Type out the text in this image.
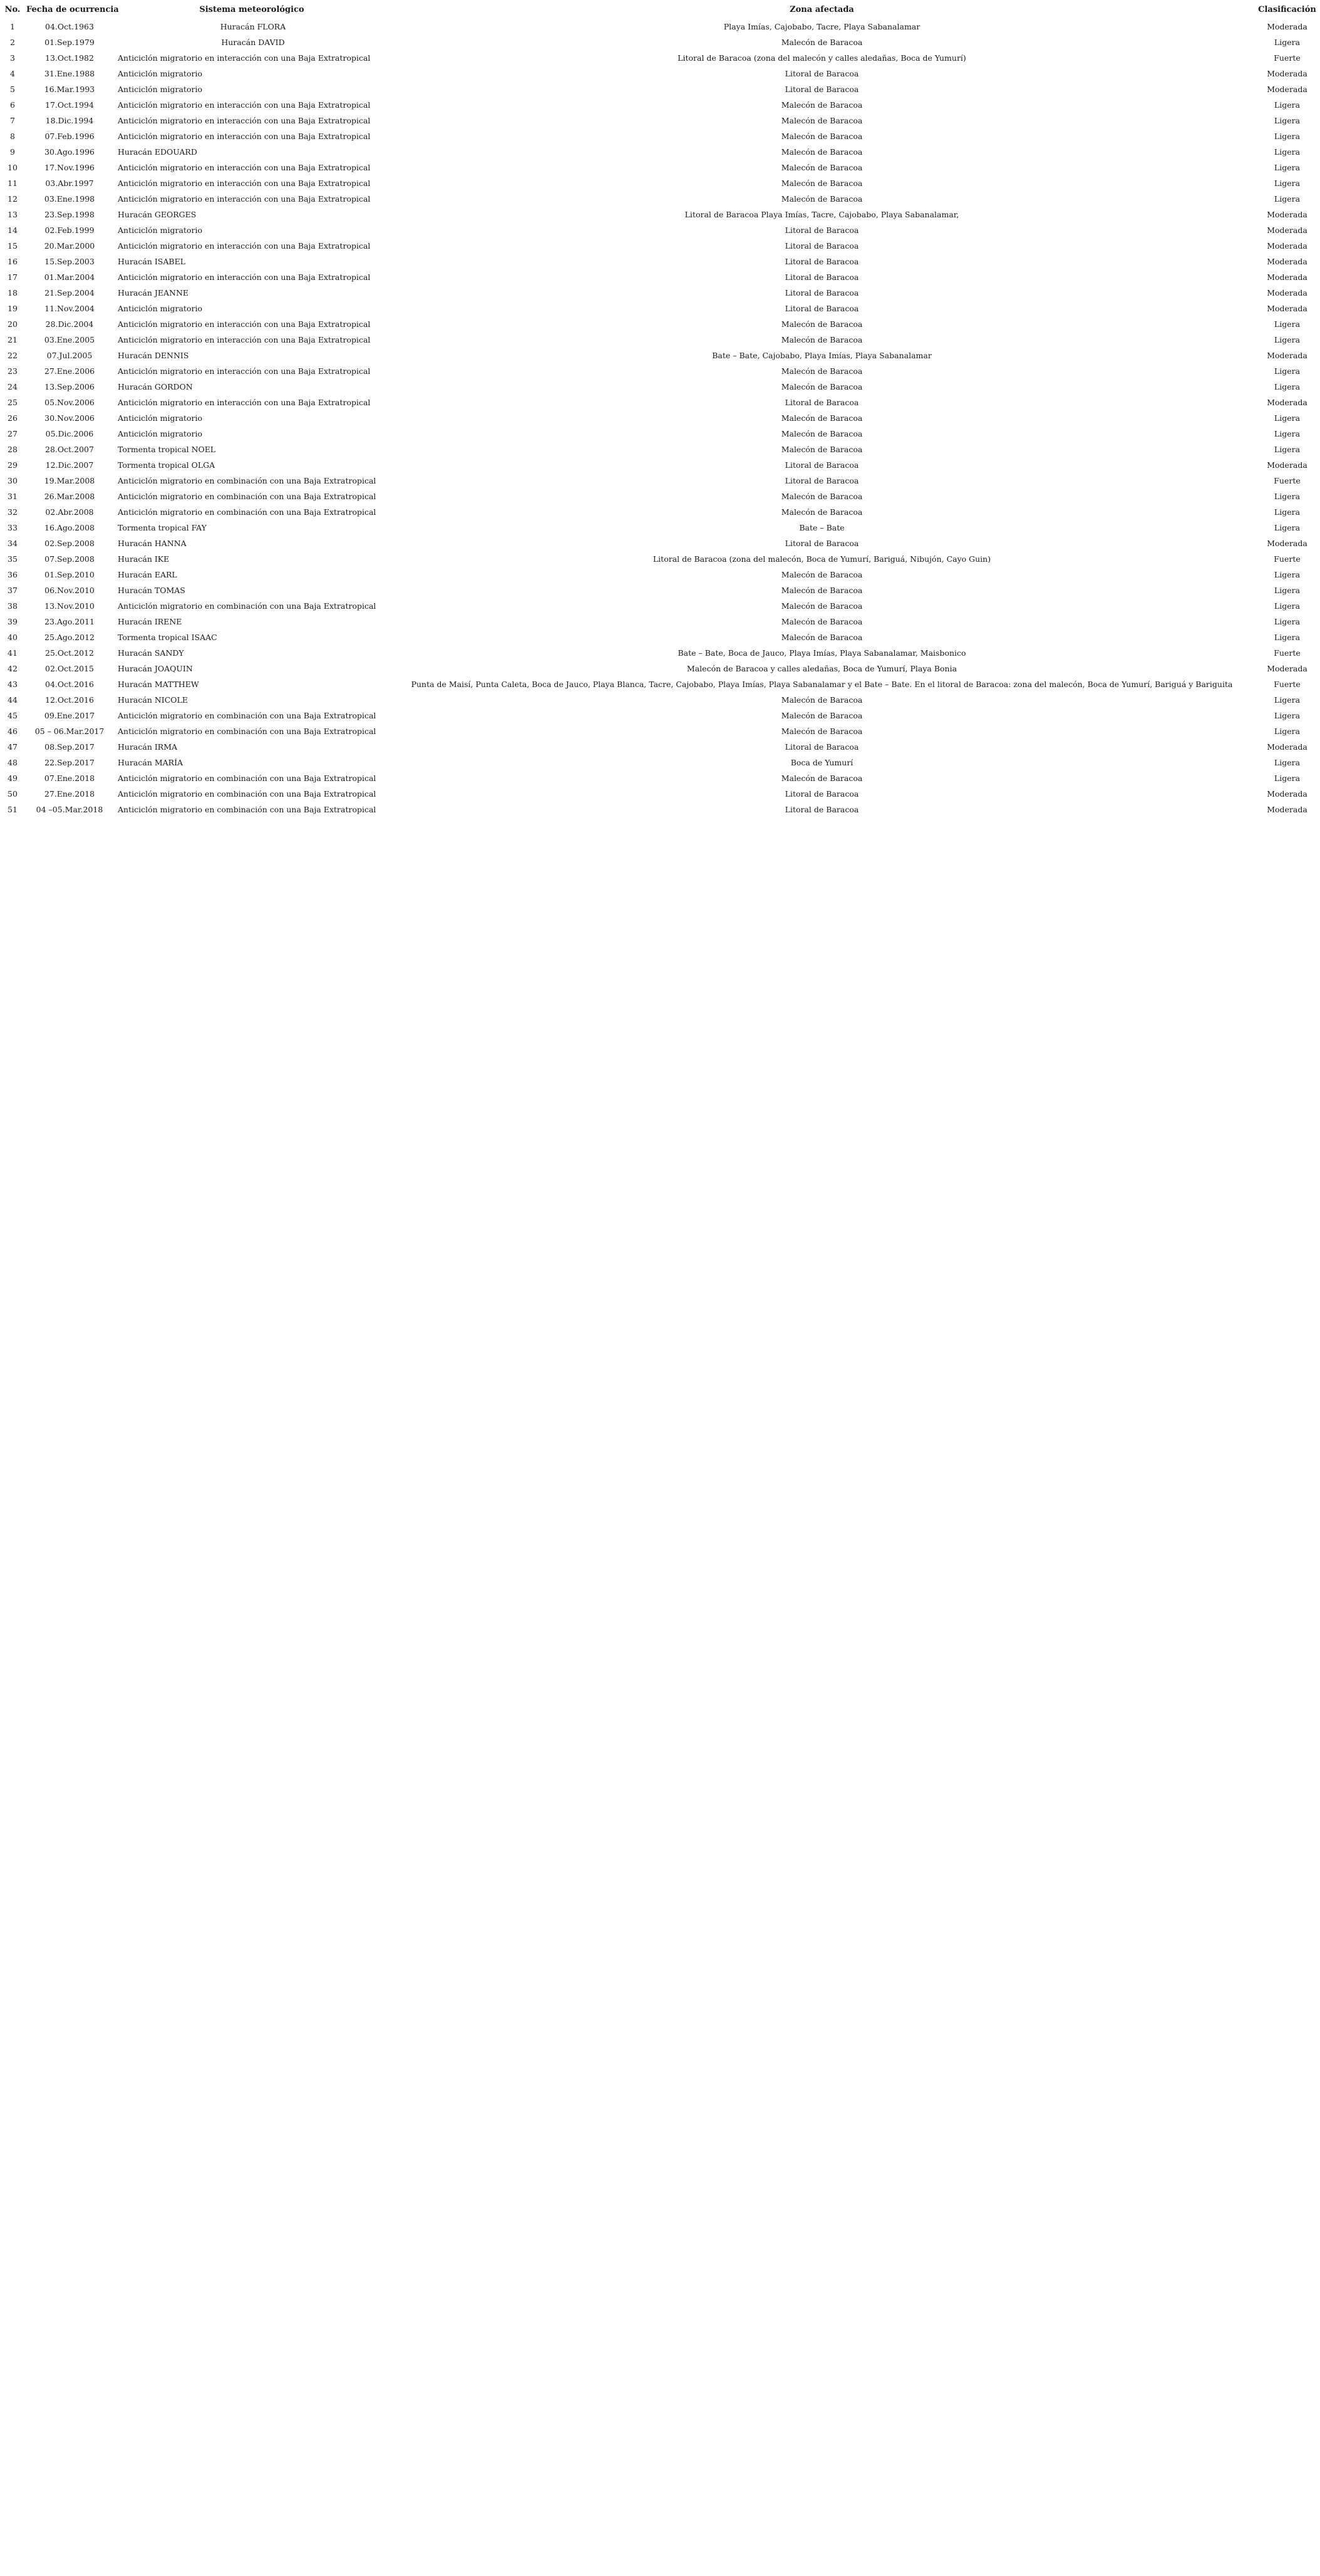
No.	Fecha de ocurrencia	Sistema meteorológico	Zona afectada	Clasificación
1	04.Oct.1963	Huracán FLORA	Playa Imías, Cajobabo, Tacre, Playa Sabanalamar	Moderada
2	01.Sep.1979	Huracán DAVID	Malecón de Baracoa	Ligera
3	13.Oct.1982	Anticiclón migratorio en interacción con una Baja Extratropical	Litoral de Baracoa (zona del malecón y calles aledañas, Boca de Yumurí)	Fuerte
4	31.Ene.1988	Anticiclón migratorio	Litoral de Baracoa	Moderada
5	16.Mar.1993	Anticiclón migratorio	Litoral de Baracoa	Moderada
6	17.Oct.1994	Anticiclón migratorio en interacción con una Baja Extratropical	Malecón de Baracoa	Ligera
7	18.Dic.1994	Anticiclón migratorio en interacción con una Baja Extratropical	Malecón de Baracoa	Ligera
8	07.Feb.1996	Anticiclón migratorio en interacción con una Baja Extratropical	Malecón de Baracoa	Ligera
9	30.Ago.1996	Huracán EDOUARD	Malecón de Baracoa	Ligera
10	17.Nov.1996	Anticiclón migratorio en interacción con una Baja Extratropical	Malecón de Baracoa	Ligera
11	03.Abr.1997	Anticiclón migratorio en interacción con una Baja Extratropical	Malecón de Baracoa	Ligera
12	03.Ene.1998	Anticiclón migratorio en interacción con una Baja Extratropical	Malecón de Baracoa	Ligera
13	23.Sep.1998	Huracán GEORGES	Litoral de Baracoa Playa Imías, Tacre, Cajobabo, Playa Sabanalamar,	Moderada
14	02.Feb.1999	Anticiclón migratorio	Litoral de Baracoa	Moderada
15	20.Mar.2000	Anticiclón migratorio en interacción con una Baja Extratropical	Litoral de Baracoa	Moderada
16	15.Sep.2003	Huracán ISABEL	Litoral de Baracoa	Moderada
17	01.Mar.2004	Anticiclón migratorio en interacción con una Baja Extratropical	Litoral de Baracoa	Moderada
18	21.Sep.2004	Huracán JEANNE	Litoral de Baracoa	Moderada
19	11.Nov.2004	Anticiclón migratorio	Litoral de Baracoa	Moderada
20	28.Dic.2004	Anticiclón migratorio en interacción con una Baja Extratropical	Malecón de Baracoa	Ligera
21	03.Ene.2005	Anticiclón migratorio en interacción con una Baja Extratropical	Malecón de Baracoa	Ligera
22	07.Jul.2005	Huracán DENNIS	Bate – Bate, Cajobabo, Playa Imías, Playa Sabanalamar	Moderada
23	27.Ene.2006	Anticiclón migratorio en interacción con una Baja Extratropical	Malecón de Baracoa	Ligera
24	13.Sep.2006	Huracán GORDON	Malecón de Baracoa	Ligera
25	05.Nov.2006	Anticiclón migratorio en interacción con una Baja Extratropical	Litoral de Baracoa	Moderada
26	30.Nov.2006	Anticiclón migratorio	Malecón de Baracoa	Ligera
27	05.Dic.2006	Anticiclón migratorio	Malecón de Baracoa	Ligera
28	28.Oct.2007	Tormenta tropical NOEL	Malecón de Baracoa	Ligera
29	12.Dic.2007	Tormenta tropical OLGA	Litoral de Baracoa	Moderada
30	19.Mar.2008	Anticiclón migratorio en combinación con una Baja Extratropical	Litoral de Baracoa	Fuerte
31	26.Mar.2008	Anticiclón migratorio en combinación con una Baja Extratropical	Malecón de Baracoa	Ligera
32	02.Abr.2008	Anticiclón migratorio en combinación con una Baja Extratropical	Malecón de Baracoa	Ligera
33	16.Ago.2008	Tormenta tropical FAY	Bate – Bate	Ligera
34	02.Sep.2008	Huracán HANNA	Litoral de Baracoa	Moderada
35	07.Sep.2008	Huracán IKE	Litoral de Baracoa (zona del malecón, Boca de Yumurí, Bariguá, Nibujón, Cayo Guin)	Fuerte
36	01.Sep.2010	Huracán EARL	Malecón de Baracoa	Ligera
37	06.Nov.2010	Huracán TOMAS	Malecón de Baracoa	Ligera
38	13.Nov.2010	Anticiclón migratorio en combinación con una Baja Extratropical	Malecón de Baracoa	Ligera
39	23.Ago.2011	Huracán IRENE	Malecón de Baracoa	Ligera
40	25.Ago.2012	Tormenta tropical ISAAC	Malecón de Baracoa	Ligera
41	25.Oct.2012	Huracán SANDY	Bate – Bate, Boca de Jauco, Playa Imías, Playa Sabanalamar, Maisbonico	Fuerte
42	02.Oct.2015	Huracán JOAQUIN	Malecón de Baracoa y calles aledañas, Boca de Yumurí, Playa Bonia	Moderada
43	04.Oct.2016	Huracán MATTHEW	Punta de Maisí, Punta Caleta, Boca de Jauco, Playa Blanca, Tacre, Cajobabo, Playa Imías, Playa Sabanalamar y el Bate – Bate. En el litoral de Baracoa: zona del malecón, Boca de Yumurí, Bariguá y Bariguita	Fuerte
44	12.Oct.2016	Huracán NICOLE	Malecón de Baracoa	Ligera
45	09.Ene.2017	Anticiclón migratorio en combinación con una Baja Extratropical	Malecón de Baracoa	Ligera
46	05 – 06.Mar.2017	Anticiclón migratorio en combinación con una Baja Extratropical	Malecón de Baracoa	Ligera
47	08.Sep.2017	Huracán IRMA	Litoral de Baracoa	Moderada
48	22.Sep.2017	Huracán MARÍA	Boca de Yumurí	Ligera
49	07.Ene.2018	Anticiclón migratorio en combinación con una Baja Extratropical	Malecón de Baracoa	Ligera
50	27.Ene.2018	Anticiclón migratorio en combinación con una Baja Extratropical	Litoral de Baracoa	Moderada
51	04 –05.Mar.2018	Anticiclón migratorio en combinación con una Baja Extratropical	Litoral de Baracoa	Moderada
